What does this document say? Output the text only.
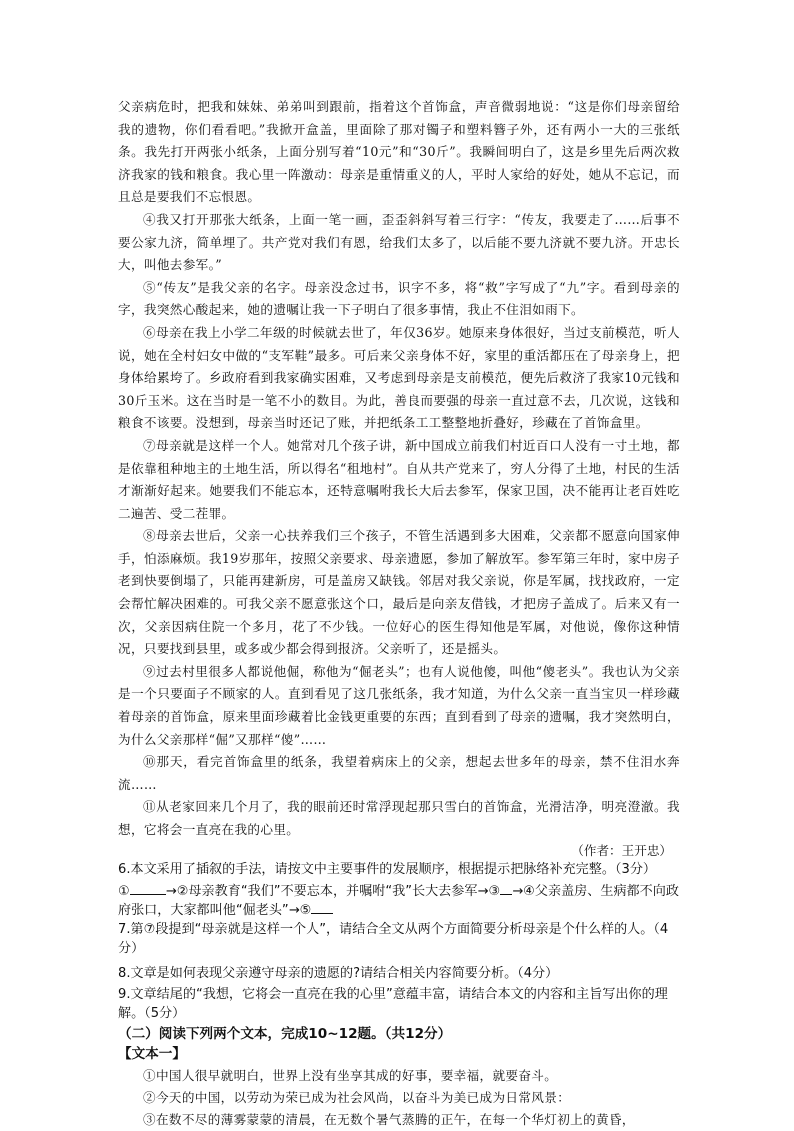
父亲病危时，把我和妹妹、弟弟叫到跟前，指着这个首饰盒，声音微弱地说：“这是你们母亲留给我的遗物，你们看看吧。”我掀开盒盖，里面除了那对镯子和塑料簪子外，还有两小一大的三张纸条。我先打开两张小纸条，上面分别写着“10元”和“30斤”。我瞬间明白了，这是乡里先后两次救济我家的钱和粮食。我心里一阵激动：母亲是重情重义的人，平时人家给的好处，她从不忘记，而且总是要我们不忘恨恩。

④我又打开那张大纸条，上面一笔一画，歪歪斜斜写着三行字：“传友，我要走了……后事不要公家九济，简单埋了。共产党对我们有恩，给我们太多了，以后能不要九济就不要九济。开忠长大，叫他去参军。”

⑤“传友”是我父亲的名字。母亲没念过书，识字不多，将“救”字写成了“九”字。看到母亲的字，我突然心酸起来，她的遗嘱让我一下子明白了很多事情，我止不住泪如雨下。

⑥母亲在我上小学二年级的时候就去世了，年仅36岁。她原来身体很好，当过支前模范，听人说，她在全村妇女中做的“支军鞋”最多。可后来父亲身体不好，家里的重活都压在了母亲身上，把身体给累垮了。乡政府看到我家确实困难，又考虑到母亲是支前模范，便先后救济了我家10元钱和30斤玉米。这在当时是一笔不小的数目。为此，善良而要强的母亲一直过意不去，几次说，这钱和粮食不该要。没想到，母亲当时还记了账，并把纸条工工整整地折叠好，珍藏在了首饰盒里。

⑦母亲就是这样一个人。她常对几个孩子讲，新中国成立前我们村近百口人没有一寸土地，都是依靠租种地主的土地生活，所以得名“租地村”。自从共产党来了，穷人分得了土地，村民的生活才渐渐好起来。她要我们不能忘本，还特意嘱咐我长大后去参军，保家卫国，决不能再让老百姓吃二遍苦、受二茬罪。

⑧母亲去世后，父亲一心扶养我们三个孩子，不管生活遇到多大困难，父亲都不愿意向国家伸手，怕添麻烦。我19岁那年，按照父亲要求、母亲遗愿，参加了解放军。参军第三年时，家中房子老到快要倒塌了，只能再建新房，可是盖房又缺钱。邻居对我父亲说，你是军属，找找政府，一定会帮忙解决困难的。可我父亲不愿意张这个口，最后是向亲友借钱，才把房子盖成了。后来又有一次，父亲因病住院一个多月，花了不少钱。一位好心的医生得知他是军属，对他说，像你这种情况，只要找到县里，或多或少都会得到报济。父亲听了，还是摇头。

⑨过去村里很多人都说他倔，称他为“倔老头”；也有人说他傻，叫他“傻老头”。我也认为父亲是一个只要面子不顾家的人。直到看见了这几张纸条，我才知道，为什么父亲一直当宝贝一样珍藏着母亲的首饰盒，原来里面珍藏着比金钱更重要的东西；直到看到了母亲的遗嘱，我才突然明白，为什么父亲那样“倔”又那样“傻”……

⑩那天，看完首饰盒里的纸条，我望着病床上的父亲，想起去世多年的母亲，禁不住泪水奔流……

⑪从老家回来几个月了，我的眼前还时常浮现起那只雪白的首饰盒，光滑洁净，明亮澄澈。我想，它将会一直亮在我的心里。

（作者：王开忠）

6.本文采用了插叙的手法，请按文中主要事件的发展顺序，根据提示把脉络补充完整。（3分）

①	→②母亲教育“我们”不要忘本，并嘱咐“我”长大去参军→③ →④父亲盖房、生病都不向政府张口，大家都叫他“倔老头”→⑤

7.第⑦段提到“母亲就是这样一个人”，请结合全文从两个方面简要分析母亲是个什么样的人。（4分）

8.文章是如何表现父亲遵守母亲的遗愿的?请结合相关内容简要分析。（4分）

9.文章结尾的“我想，它将会一直亮在我的心里”意蕴丰富，请结合本文的内容和主旨写出你的理解。（5分）

（二）阅读下列两个文本，完成10~12题。（共12分）

【文本一】

①中国人很早就明白，世界上没有坐享其成的好事，要幸福，就要奋斗。

②今天的中国，以劳动为荣已成为社会风尚，以奋斗为美已成为日常风景：

③在数不尽的薄雾蒙蒙的清晨，在无数个暑气蒸腾的正午，在每一个华灯初上的黄昏，
